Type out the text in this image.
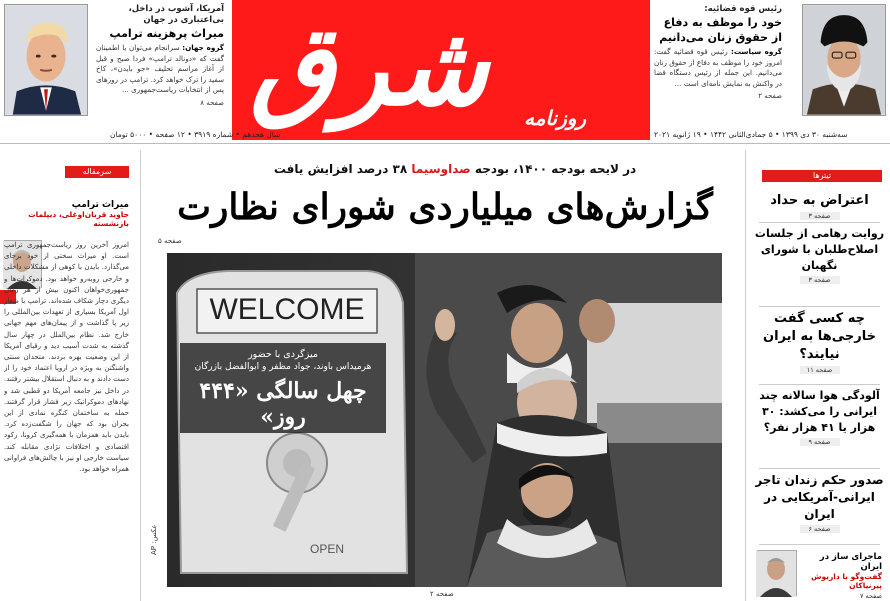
آمریکا، آشوب در داخل، بی‌اعتباری در جهان
میراث پرهزینه ترامپ
گروه جهان: سرانجام می‌توان با اطمینان گفت که «دونالد ترامپ» فردا صبح و قبل از آغاز مراسم تحلیف «جو بایدن»، کاخ سفید را ترک خواهد کرد. ترامپ در روزهای پس از انتخابات ریاست‌جمهوری ...
صفحه ۸ شرق روزنامه
رئیس قوه قضائیه:
خود را موظف به دفاع از حقوق زنان می‌دانیم
گروه سیاست: رئیس قوه قضائیه گفت: امروز خود را موظف به دفاع از حقوق زنان می‌دانیم. این جمله از رئیس دستگاه قضا در واکنش به نمایش نامه‌ای است ...
صفحه ۲
سال هجدهم • شماره ۳۹۱۹ • ۱۲ صفحه • ۵۰۰۰ تومان	سه‌شنبه ۳۰ دی ۱۳۹۹ • ۵ جمادی‌الثانی ۱۴۴۲ • ۱۹ ژانویه ۲۰۲۱
سرمقاله
میراث ترامپ
جاوید قربان‌اوغلی، دیپلمات بازنشسته
امروز آخرین روز ریاست‌جمهوری ترامپ است. او میراث سختی از خود برجای می‌گذارد. بایدن با کوهی از مشکلات داخلی و خارجی روبه‌رو خواهد بود. دموکرات‌ها و جمهوری‌خواهان اکنون بیش از هر زمان دیگری دچار شکاف شده‌اند. ترامپ با شعار اول آمریکا بسیاری از تعهدات بین‌المللی را زیر پا گذاشت و از پیمان‌های مهم جهانی خارج شد. نظام بین‌الملل در چهار سال گذشته به شدت آسیب دید و رقبای آمریکا از این وضعیت بهره بردند. متحدان سنتی واشنگتن به ویژه در اروپا اعتماد خود را از دست دادند و به دنبال استقلال بیشتر رفتند. در داخل نیز جامعه آمریکا دو قطبی شد و نهادهای دموکراتیک زیر فشار قرار گرفتند. حمله به ساختمان کنگره نمادی از این بحران بود که جهان را شگفت‌زده کرد. بایدن باید همزمان با همه‌گیری کرونا، رکود اقتصادی و اختلافات نژادی مقابله کند. سیاست خارجی او نیز با چالش‌های فراوانی همراه خواهد بود.
در لایحه بودجه ۱۴۰۰، بودجه صداوسیما ۳۸ درصد افزایش یافت
گزارش‌های میلیاردی شورای نظارت
صفحه ۵
WELCOME
OPEN
میزگردی با حضور
هرمیداس باوند، جواد مظفر و ابوالفضل بازرگان
چهل سالگی «۴۴۴ روز»
عکس: AP
صفحه ۲
تیترها
اعتراض به حداد
صفحه ۳
روایت رهامی از جلسات اصلاح‌طلبان با شورای نگهبان
صفحه ۳
چه کسی گفت خارجی‌ها به ایران نیایند؟
صفحه ۱۱
آلودگی هوا سالانه چند ایرانی را می‌کشد: ۳۰ هزار یا ۴۱ هزار نفر؟
صفحه ۹
صدور حکم زندان تاجر ایرانی-آمریکایی در ایران
صفحه ۶
ماجرای ساز در ایران
گفت‌وگو با داریوش پیرنیاکان
صفحه ۷
